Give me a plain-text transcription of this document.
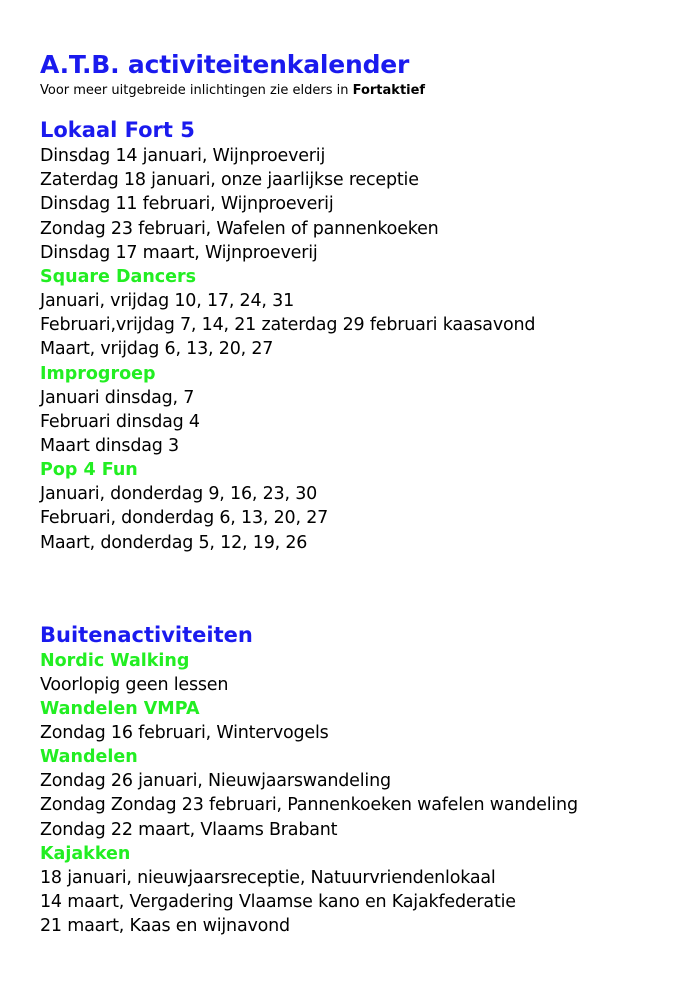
A.T.B. activiteitenkalender

Voor meer uitgebreide inlichtingen zie elders in Fortaktief

Lokaal Fort 5

Dinsdag 14 januari, Wijnproeverij

Zaterdag 18 januari, onze jaarlijkse receptie

Dinsdag 11 februari, Wijnproeverij

Zondag 23 februari, Wafelen of pannenkoeken

Dinsdag 17 maart, Wijnproeverij

Square Dancers

Januari, vrijdag 10, 17, 24, 31

Februari,vrijdag 7, 14, 21 zaterdag 29 februari kaasavond

Maart, vrijdag 6, 13, 20, 27

Improgroep

Januari dinsdag, 7

Februari dinsdag 4

Maart dinsdag 3

Pop 4 Fun

Januari, donderdag 9, 16, 23, 30

Februari, donderdag 6, 13, 20, 27

Maart, donderdag 5, 12, 19, 26

Buitenactiviteiten
Nordic Walking

Voorlopig geen lessen

Wandelen VMPA

Zondag 16 februari, Wintervogels

Wandelen

Zondag 26 januari, Nieuwjaarswandeling

Zondag Zondag 23 februari, Pannenkoeken wafelen wandeling

Zondag 22 maart, Vlaams Brabant

Kajakken

18 januari, nieuwjaarsreceptie, Natuurvriendenlokaal

14 maart, Vergadering Vlaamse kano en Kajakfederatie

21 maart, Kaas en wijnavond
